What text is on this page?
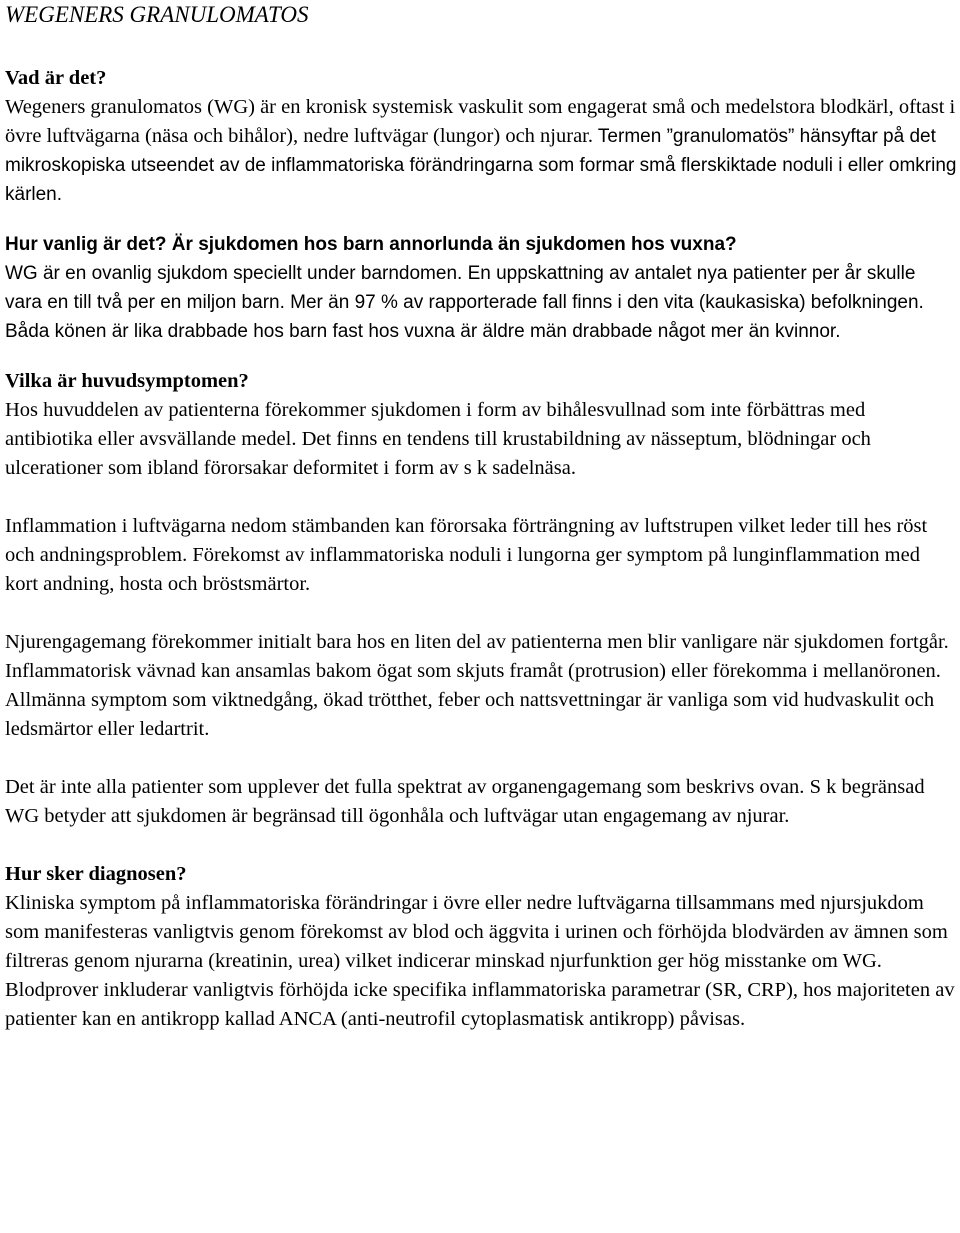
WEGENERS GRANULOMATOS
Vad är det?

Wegeners granulomatos (WG) är en kronisk systemisk vaskulit som engagerat små och medelstora blodkärl, oftast i övre luftvägarna (näsa och bihålor), nedre luftvägar (lungor) och njurar. Termen ”granulomatös” hänsyftar på det mikroskopiska utseendet av de inflammatoriska förändringarna som formar små flerskiktade noduli i eller omkring kärlen.

Hur vanlig är det? Är sjukdomen hos barn annorlunda än sjukdomen hos vuxna?

WG är en ovanlig sjukdom speciellt under barndomen. En uppskattning av antalet nya patienter per år skulle vara en till två per en miljon barn. Mer än 97 % av rapporterade fall finns i den vita (kaukasiska) befolkningen. Båda könen är lika drabbade hos barn fast hos vuxna är äldre män drabbade något mer än kvinnor.

Vilka är huvudsymptomen?

Hos huvuddelen av patienterna förekommer sjukdomen i form av bihålesvullnad som inte förbättras med antibiotika eller avsvällande medel. Det finns en tendens till krustabildning av nässeptum, blödningar och ulcerationer som ibland förorsakar deformitet i form av s k sadelnäsa.

Inflammation i luftvägarna nedom stämbanden kan förorsaka förträngning av luftstrupen vilket leder till hes röst och andningsproblem. Förekomst av inflammatoriska noduli i lungorna ger symptom på lunginflammation med kort andning, hosta och bröstsmärtor.

Njurengagemang förekommer initialt bara hos en liten del av patienterna men blir vanligare när sjukdomen fortgår. Inflammatorisk vävnad kan ansamlas bakom ögat som skjuts framåt (protrusion) eller förekomma i mellanöronen. Allmänna symptom som viktnedgång, ökad trötthet, feber och nattsvettningar är vanliga som vid hudvaskulit och ledsmärtor eller ledartrit.

Det är inte alla patienter som upplever det fulla spektrat av organengagemang som beskrivs ovan. S k begränsad WG betyder att sjukdomen är begränsad till ögonhåla och luftvägar utan engagemang av njurar.

Hur sker diagnosen?

Kliniska symptom på inflammatoriska förändringar i övre eller nedre luftvägarna tillsammans med njursjukdom som manifesteras vanligtvis genom förekomst av blod och äggvita i urinen och förhöjda blodvärden av ämnen som filtreras genom njurarna (kreatinin, urea) vilket indicerar minskad njurfunktion ger hög misstanke om WG.

Blodprover inkluderar vanligtvis förhöjda icke specifika inflammatoriska parametrar (SR, CRP), hos majoriteten av patienter kan en antikropp kallad ANCA (anti-neutrofil cytoplasmatisk antikropp) påvisas.
